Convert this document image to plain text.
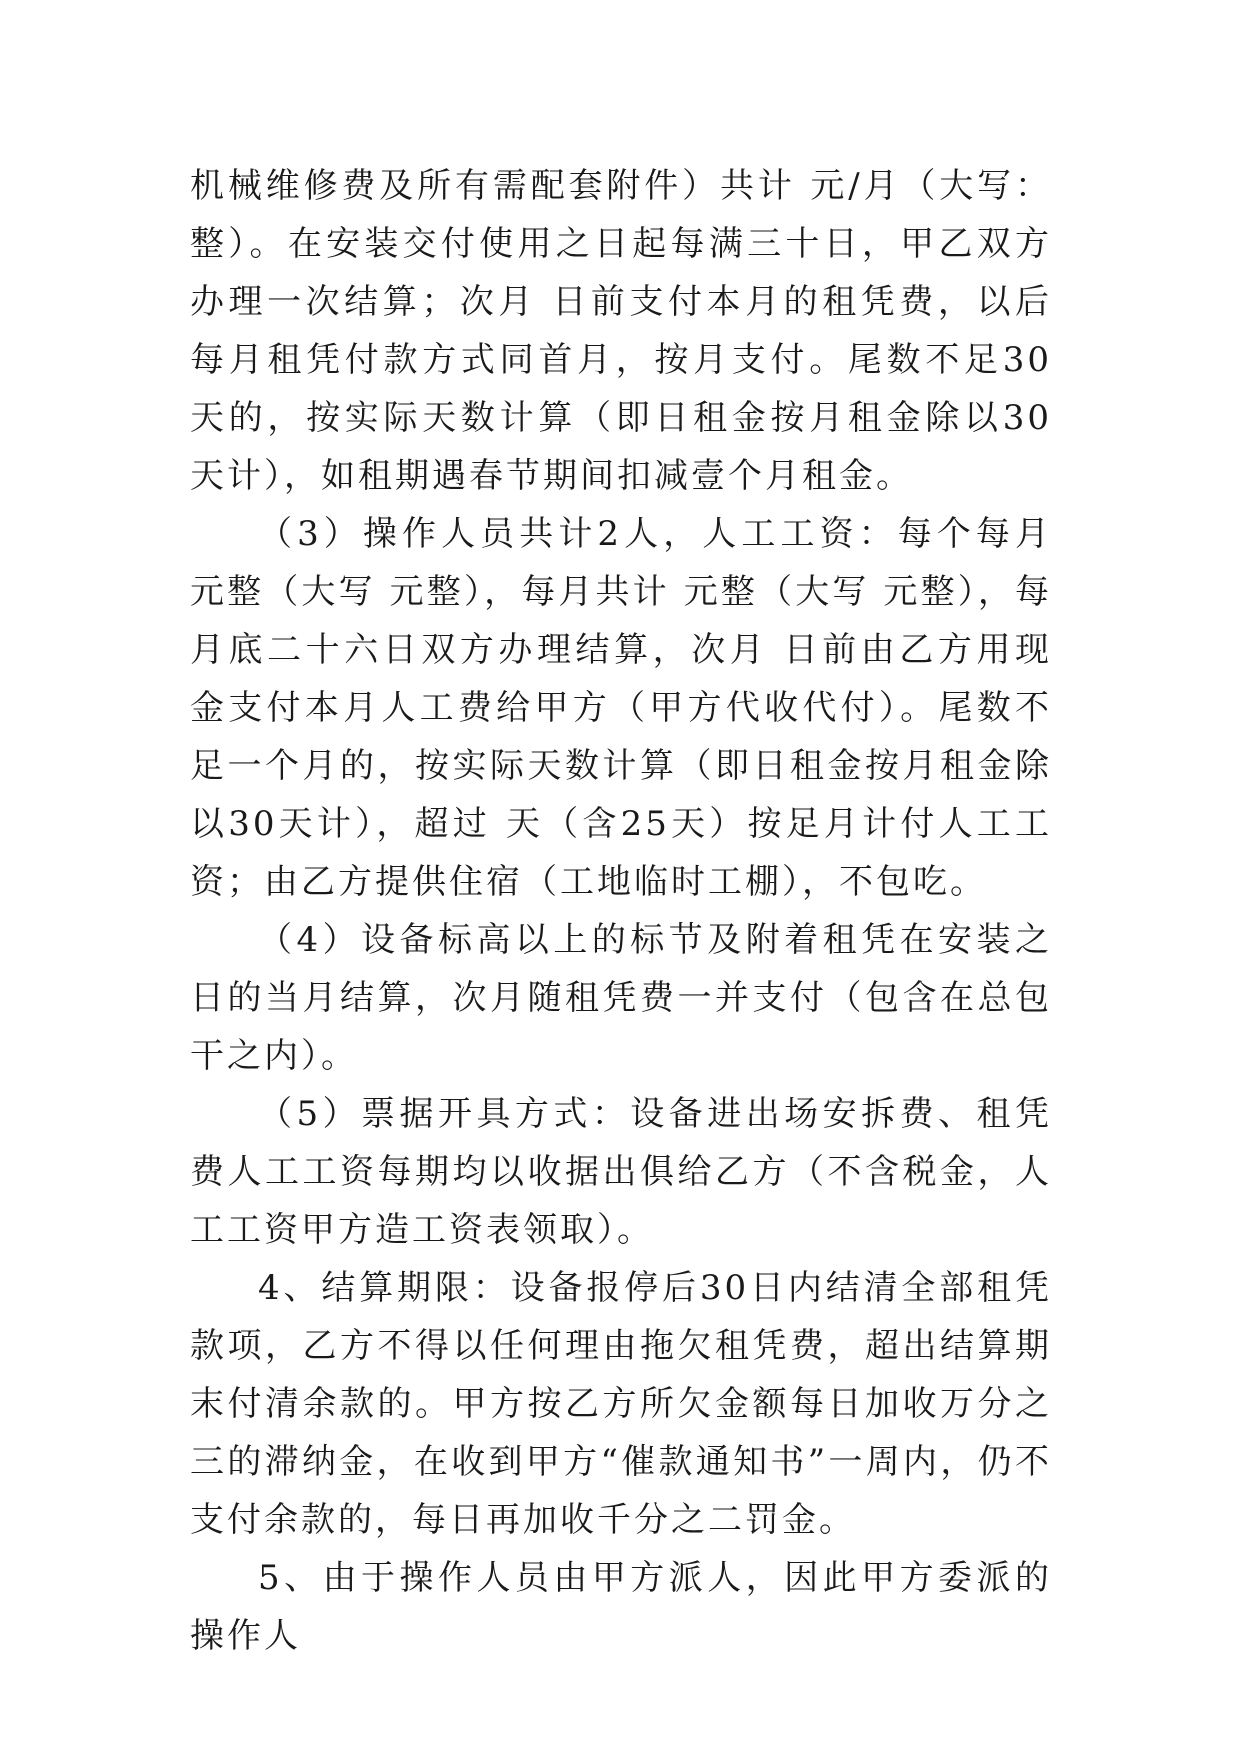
机械维修费及所有需配套附件）共计 元/月（大写： 整）。在安装交付使用之日起每满三十日，甲乙双方办理一次结算；次月 日前支付本月的租凭费，以后每月租凭付款方式同首月，按月支付。尾数不足30天的，按实际天数计算（即日租金按月租金除以30天计），如租期遇春节期间扣减壹个月租金。

（3）操作人员共计2人，人工工资：每个每月 元整（大写 元整），每月共计 元整（大写 元整），每月底二十六日双方办理结算，次月 日前由乙方用现金支付本月人工费给甲方（甲方代收代付）。尾数不足一个月的，按实际天数计算（即日租金按月租金除以30天计），超过 天（含25天）按足月计付人工工资；由乙方提供住宿（工地临时工棚），不包吃。

（4）设备标高以上的标节及附着租凭在安装之日的当月结算，次月随租凭费一并支付（包含在总包干之内）。

（5）票据开具方式：设备进出场安拆费、租凭费人工工资每期均以收据出俱给乙方（不含税金，人工工资甲方造工资表领取）。

4、结算期限：设备报停后30日内结清全部租凭款项，乙方不得以任何理由拖欠租凭费，超出结算期末付清余款的。甲方按乙方所欠金额每日加收万分之三的滞纳金，在收到甲方“催款通知书”一周内，仍不支付余款的，每日再加收千分之二罚金。

5、由于操作人员由甲方派人，因此甲方委派的操作人
